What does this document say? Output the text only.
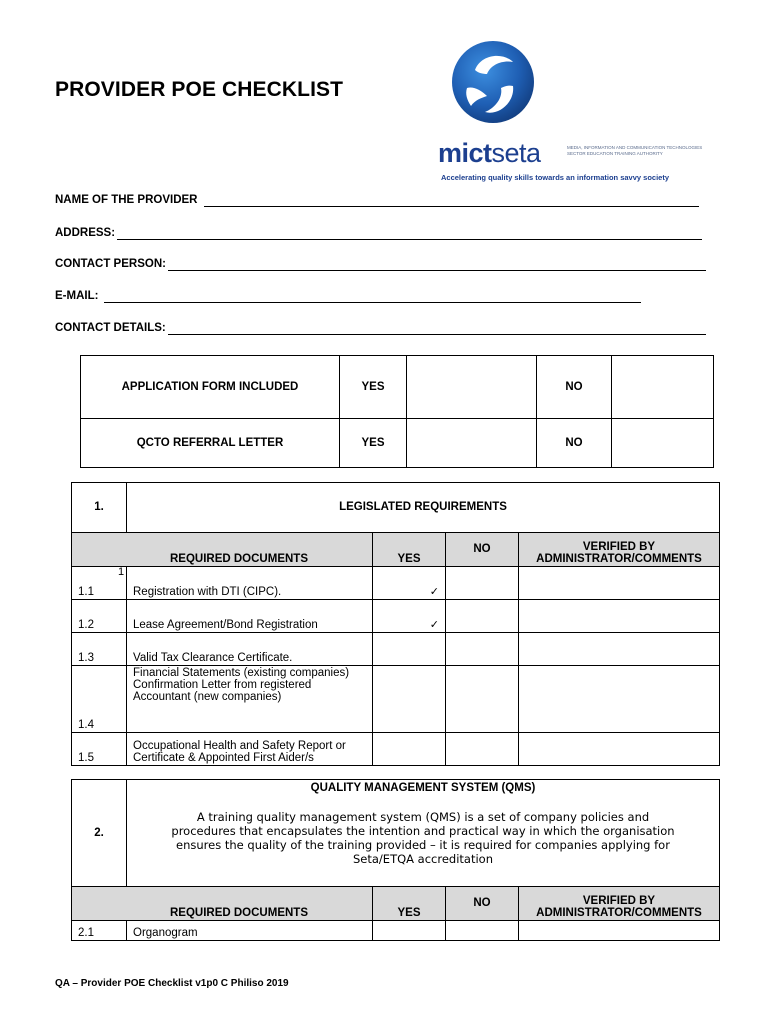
PROVIDER POE CHECKLIST
mictseta	MEDIA, INFORMATION AND COMMUNICATION TECHNOLOGIES SECTOR EDUCATION TRAINING AUTHORITY
Accelerating quality skills towards an information savvy society
NAME OF THE PROVIDER
ADDRESS:
CONTACT PERSON:
E-MAIL:
CONTACT DETAILS:
APPLICATION FORM INCLUDED	YES		NO	
QCTO REFERRAL LETTER	YES		NO	
1.	LEGISLATED REQUIREMENTS			
REQUIRED DOCUMENTS		YES	NO	VERIFIED BY ADMINISTRATOR/COMMENTS
1.1	Registration with DTI (CIPC).	✓		
1.2	Lease Agreement/Bond Registration	✓		
1.3	Valid Tax Clearance Certificate.			
1.4	Financial Statements (existing companies)
Confirmation Letter from registered Accountant (new companies)			

1.5	Occupational Health and Safety Report or Certificate & Appointed First Aider/s			
1
2.	QUALITY MANAGEMENT SYSTEM (QMS)
A training quality management system (QMS) is a set of company policies and procedures that encapsulates the intention and practical way in which the organisation ensures the quality of the training provided – it is required for companies applying for Seta/ETQA accreditation			

REQUIRED DOCUMENTS		YES	NO	VERIFIED BY ADMINISTRATOR/COMMENTS
2.1	Organogram			
QA – Provider POE Checklist v1p0 C Philiso 2019
